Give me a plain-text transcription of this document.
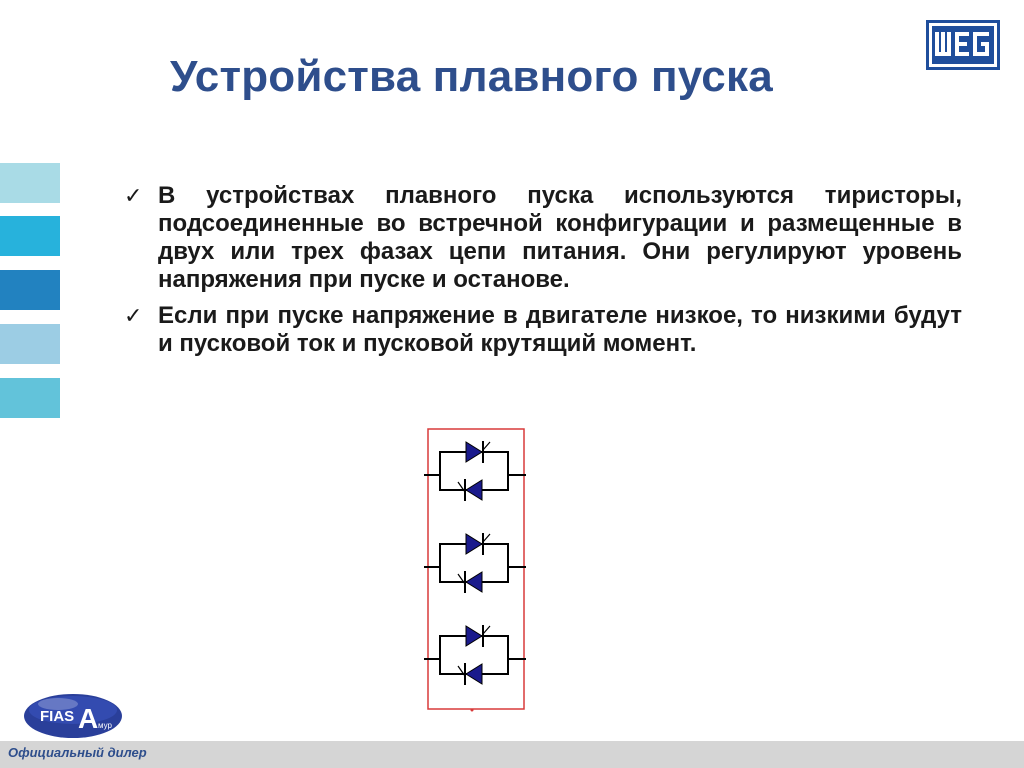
Устройства плавного пуска
✓ В устройствах плавного пуска используются тиристоры, подсоединенные во встречной конфигурации и размещенные в двух или трех фазах цепи питания. Они регулируют уровень напряжения при пуске и останове.
✓ Если при пуске напряжение в двигателе низкое, то низкими будут и пусковой ток и пусковой крутящий момент.
FIAS A мур
Официальный дилер
